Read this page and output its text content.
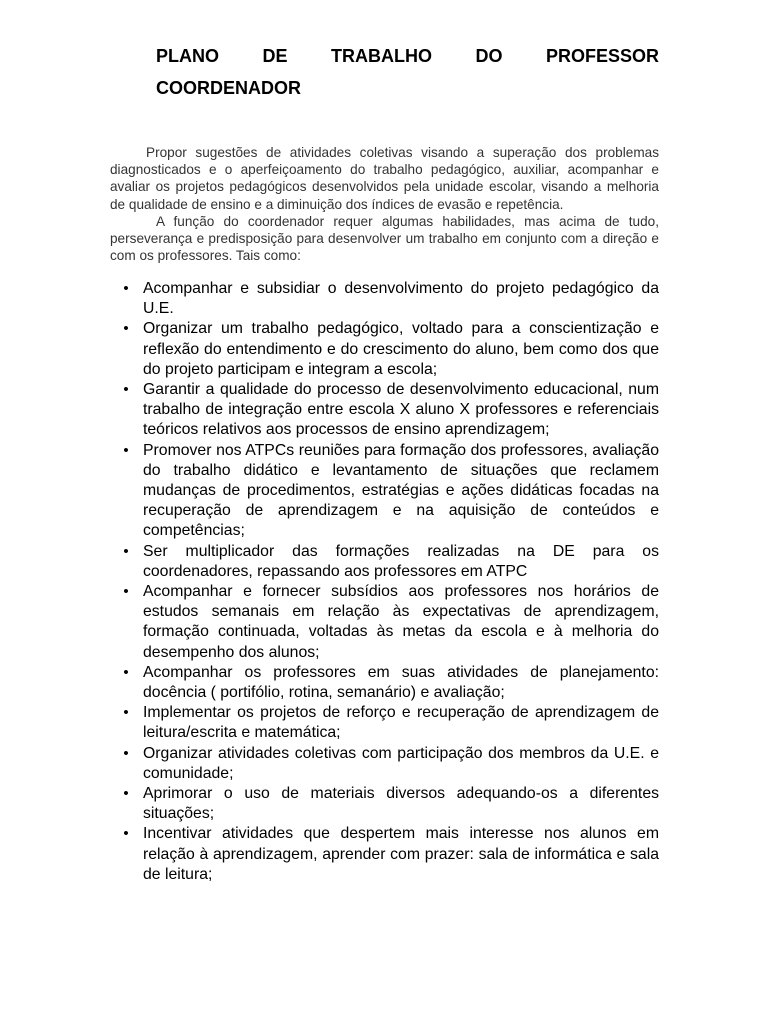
PLANO DE TRABALHO DO PROFESSOR
COORDENADOR

Propor sugestões de atividades coletivas visando a superação dos problemas diagnosticados e o aperfeiçoamento do trabalho pedagógico, auxiliar, acompanhar e avaliar os projetos pedagógicos desenvolvidos pela unidade escolar, visando a melhoria de qualidade de ensino e a diminuição dos índices de evasão e repetência.

A função do coordenador requer algumas habilidades, mas acima de tudo, perseverança e predisposição para desenvolver um trabalho em conjunto com a direção e com os professores. Tais como:

• Acompanhar e subsidiar o desenvolvimento do projeto pedagógico da U.E.
• Organizar um trabalho pedagógico, voltado para a conscientização e reflexão do entendimento e do crescimento do aluno, bem como dos que do projeto participam e integram a escola;
• Garantir a qualidade do processo de desenvolvimento educacional, num trabalho de integração entre escola X aluno X professores e referenciais teóricos relativos aos processos de ensino aprendizagem;
• Promover nos ATPCs reuniões para formação dos professores, avaliação do trabalho didático e levantamento de situações que reclamem mudanças de procedimentos, estratégias e ações didáticas focadas na recuperação de aprendizagem e na aquisição de conteúdos e competências;
• Ser multiplicador das formações realizadas na DE para os coordenadores, repassando aos professores em ATPC
• Acompanhar e fornecer subsídios aos professores nos horários de estudos semanais em relação às expectativas de aprendizagem, formação continuada, voltadas às metas da escola e à melhoria do desempenho dos alunos;
• Acompanhar os professores em suas atividades de planejamento: docência ( portifólio, rotina, semanário) e avaliação;
• Implementar os projetos de reforço e recuperação de aprendizagem de leitura/escrita e matemática;
• Organizar atividades coletivas com participação dos membros da U.E. e comunidade;
• Aprimorar o uso de materiais diversos adequando-os a diferentes situações;
• Incentivar atividades que despertem mais interesse nos alunos em relação à aprendizagem, aprender com prazer: sala de informática e sala de leitura;
